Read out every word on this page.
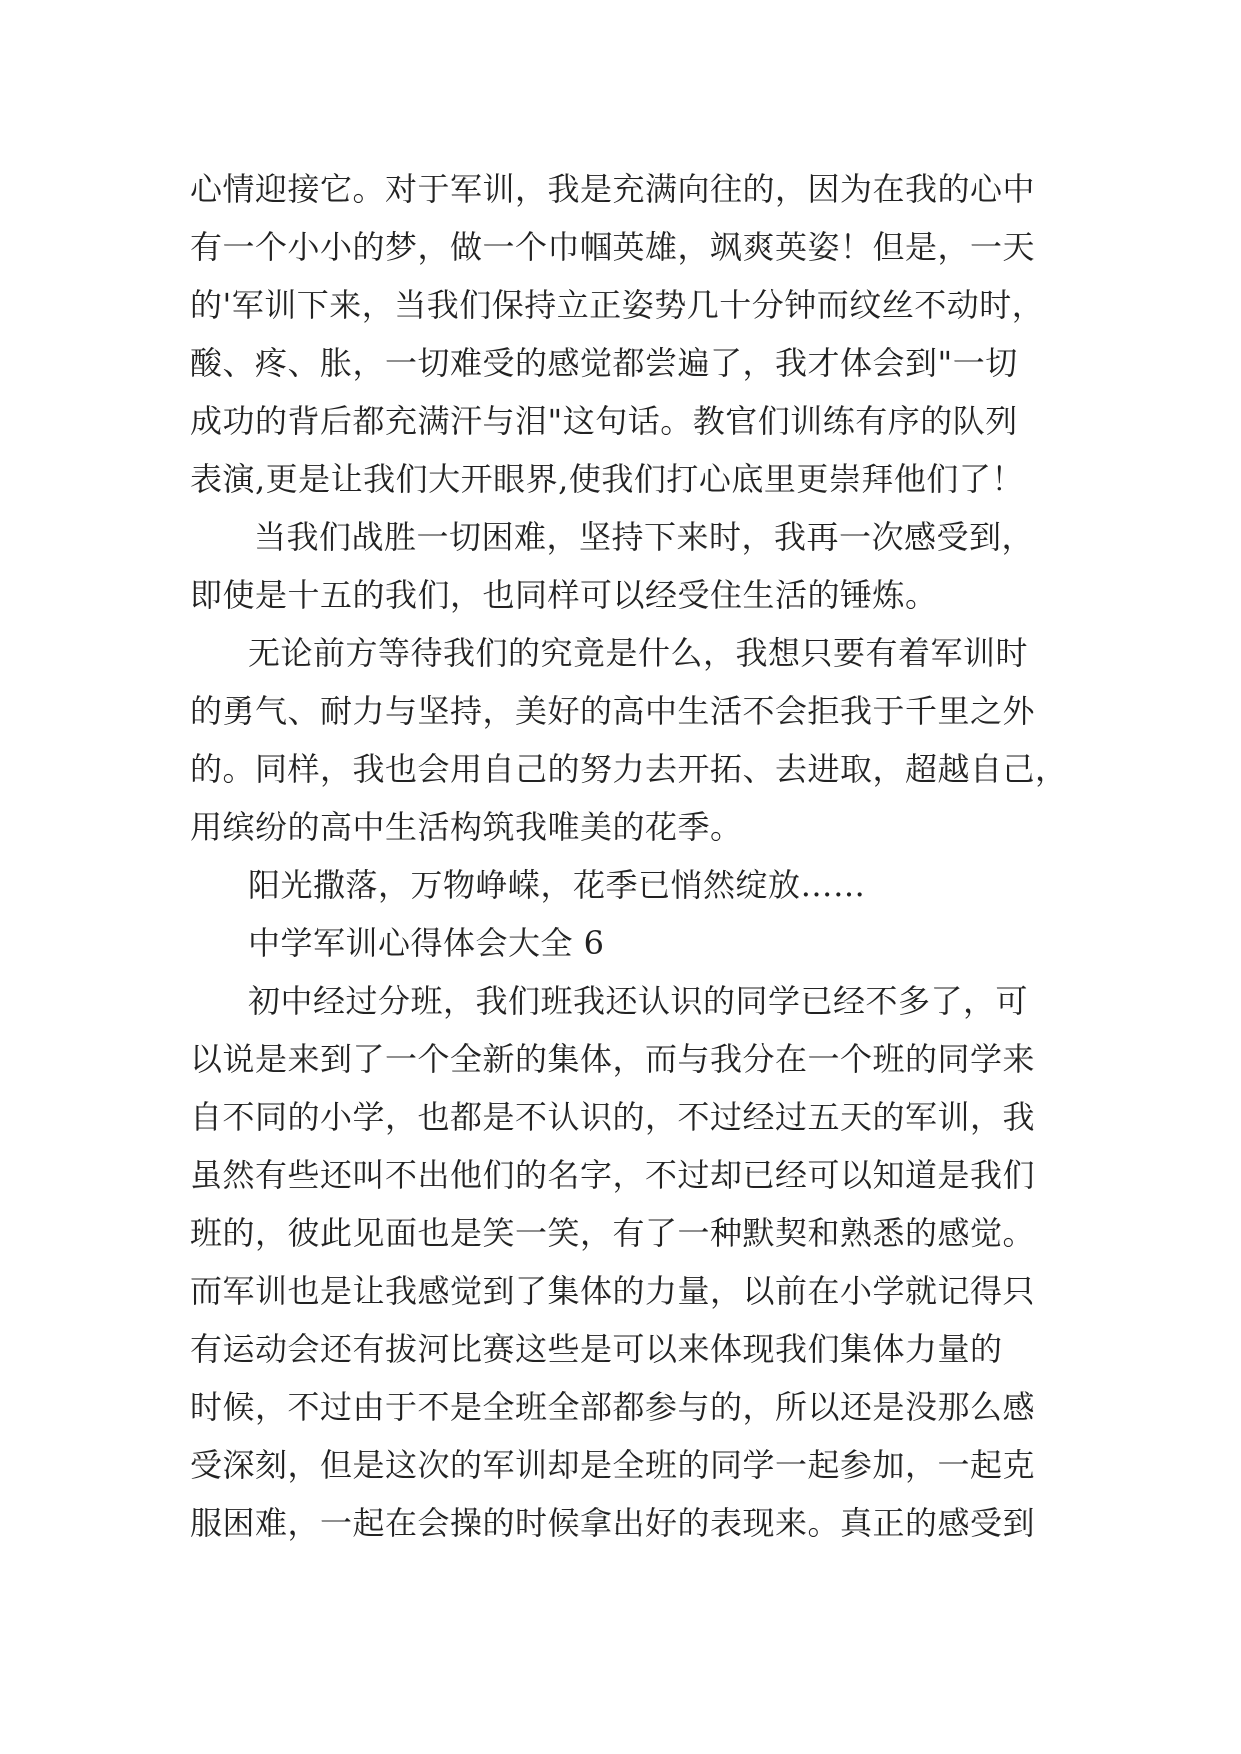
心情迎接它。对于军训，我是充满向往的，因为在我的心中
有一个小小的梦，做一个巾帼英雄，飒爽英姿！但是，一天
的'军训下来，当我们保持立正姿势几十分钟而纹丝不动时，
酸、疼、胀，一切难受的感觉都尝遍了，我才体会到"一切
成功的背后都充满汗与泪"这句话。教官们训练有序的队列
表演,更是让我们大开眼界,使我们打心底里更崇拜他们了！
当我们战胜一切困难，坚持下来时，我再一次感受到，
即使是十五的我们，也同样可以经受住生活的锤炼。
无论前方等待我们的究竟是什么，我想只要有着军训时
的勇气、耐力与坚持，美好的高中生活不会拒我于千里之外
的。同样，我也会用自己的努力去开拓、去进取，超越自己，
用缤纷的高中生活构筑我唯美的花季。
阳光撒落，万物峥嵘，花季已悄然绽放……
中学军训心得体会大全 6
初中经过分班，我们班我还认识的同学已经不多了，可
以说是来到了一个全新的集体，而与我分在一个班的同学来
自不同的小学，也都是不认识的，不过经过五天的军训，我
虽然有些还叫不出他们的名字，不过却已经可以知道是我们
班的，彼此见面也是笑一笑，有了一种默契和熟悉的感觉。
而军训也是让我感觉到了集体的力量，以前在小学就记得只
有运动会还有拔河比赛这些是可以来体现我们集体力量的
时候，不过由于不是全班全部都参与的，所以还是没那么感
受深刻，但是这次的军训却是全班的同学一起参加，一起克
服困难，一起在会操的时候拿出好的表现来。真正的感受到
